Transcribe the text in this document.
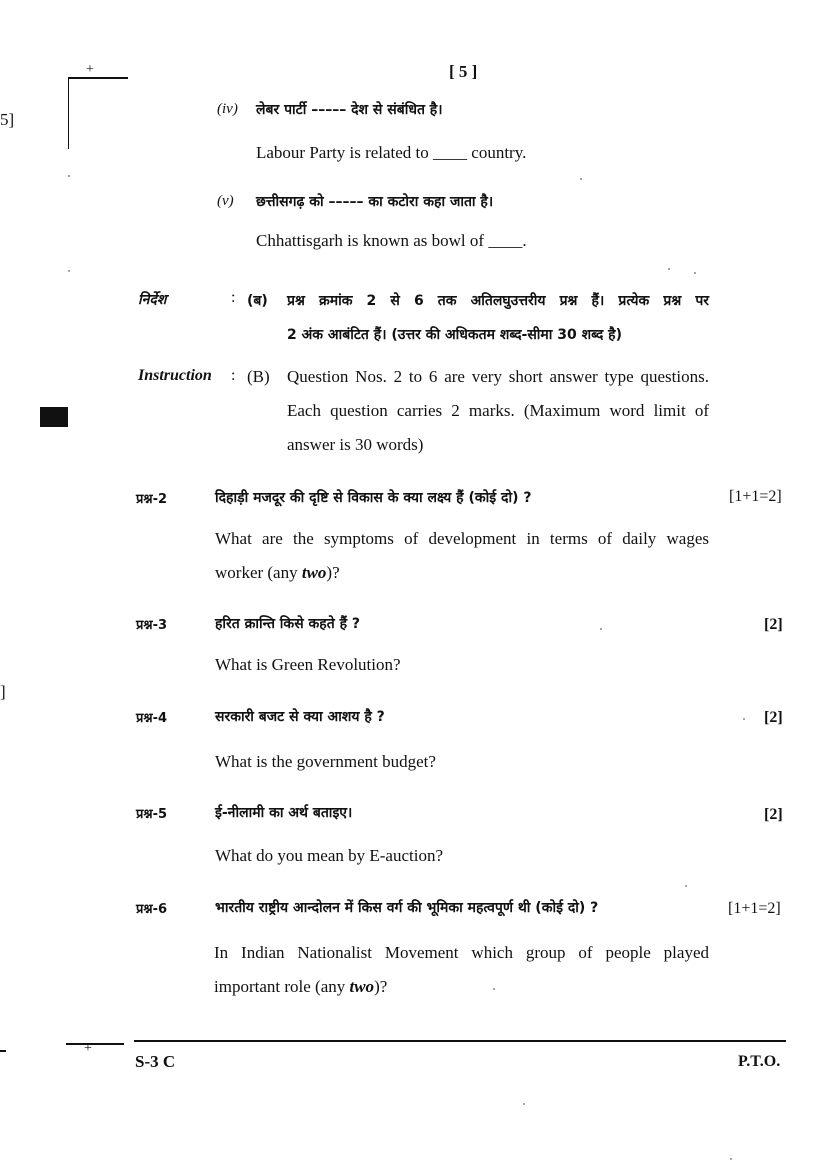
+
5]
]
[ 5 ]
(iv) लेबर पार्टी ––––– देश से संबंधित है।
Labour Party is related to ____ country.
(v) छत्तीसगढ़ को ––––– का कटोरा कहा जाता है।
Chhattisgarh is known as bowl of ____.
निर्देश	: (ब) प्रश्न क्रमांक 2 से 6 तक अतिलघुउत्तरीय प्रश्न हैं। प्रत्येक प्रश्न पर
2 अंक आबंटित हैं। (उत्तर की अधिकतम शब्द-सीमा 30 शब्द है)
Instruction : (B) Question Nos. 2 to 6 are very short answer type questions.
Each question carries 2 marks. (Maximum word limit of
answer is 30 words)
प्रश्न-2	दिहाड़ी मजदूर की दृष्टि से विकास के क्या लक्ष्य हैं (कोई दो) ?	[1+1=2]
What are the symptoms of development in terms of daily wages
worker (any two)?
प्रश्न-3	हरित क्रान्ति किसे कहते हैं ?	[2]
What is Green Revolution?
प्रश्न-4	सरकारी बजट से क्या आशय है ?	[2]
What is the government budget?
प्रश्न-5	ई-नीलामी का अर्थ बताइए।	[2]
What do you mean by E-auction?
प्रश्न-6	भारतीय राष्ट्रीय आन्दोलन में किस वर्ग की भूमिका महत्वपूर्ण थी (कोई दो) ?	[1+1=2]
In Indian Nationalist Movement which group of people played
important role (any two)?
+
S-3 C	P.T.O.
